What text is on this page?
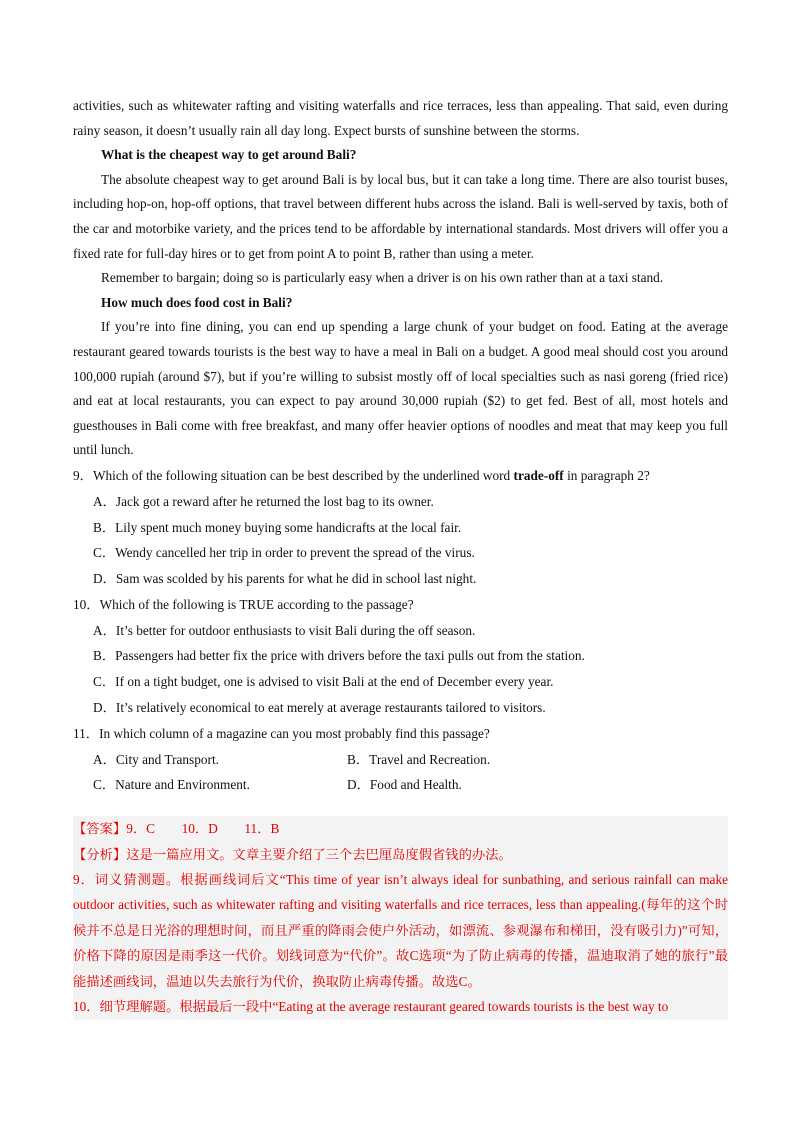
activities, such as whitewater rafting and visiting waterfalls and rice terraces, less than appealing. That said, even during rainy season, it doesn’t usually rain all day long. Expect bursts of sunshine between the storms.

What is the cheapest way to get around Bali?

The absolute cheapest way to get around Bali is by local bus, but it can take a long time. There are also tourist buses, including hop-on, hop-off options, that travel between different hubs across the island. Bali is well-served by taxis, both of the car and motorbike variety, and the prices tend to be affordable by international standards. Most drivers will offer you a fixed rate for full-day hires or to get from point A to point B, rather than using a meter.

Remember to bargain; doing so is particularly easy when a driver is on his own rather than at a taxi stand.

How much does food cost in Bali?

If you’re into fine dining, you can end up spending a large chunk of your budget on food. Eating at the average restaurant geared towards tourists is the best way to have a meal in Bali on a budget. A good meal should cost you around 100,000 rupiah (around $7), but if you’re willing to subsist mostly off of local specialties such as nasi goreng (fried rice) and eat at local restaurants, you can expect to pay around 30,000 rupiah ($2) to get fed. Best of all, most hotels and guesthouses in Bali come with free breakfast, and many offer heavier options of noodles and meat that may keep you full until lunch.

9．Which of the following situation can be best described by the underlined word trade-off in paragraph 2?

A．Jack got a reward after he returned the lost bag to its owner.

B．Lily spent much money buying some handicrafts at the local fair.

C．Wendy cancelled her trip in order to prevent the spread of the virus.

D．Sam was scolded by his parents for what he did in school last night.

10．Which of the following is TRUE according to the passage?

A．It’s better for outdoor enthusiasts to visit Bali during the off season.

B．Passengers had better fix the price with drivers before the taxi pulls out from the station.

C．If on a tight budget, one is advised to visit Bali at the end of December every year.

D．It’s relatively economical to eat merely at average restaurants tailored to visitors.

11．In which column of a magazine can you most probably find this passage?

A．City and Transport.	B．Travel and Recreation.
C．Nature and Environment.	D．Food and Health.

【答案】9．C　　10．D　　11．B

【分析】这是一篇应用文。文章主要介绍了三个去巴厘岛度假省钱的办法。

9．词义猜测题。根据画线词后文“This time of year isn’t always ideal for sunbathing, and serious rainfall can make outdoor activities, such as whitewater rafting and visiting waterfalls and rice terraces, less than appealing.(每年的这个时候并不总是日光浴的理想时间，而且严重的降雨会使户外活动，如漂流、参观瀑布和梯田，没有吸引力)”可知，价格下降的原因是雨季这一代价。划线词意为“代价”。故C选项“为了防止病毒的传播，温迪取消了她的旅行”最能描述画线词，温迪以失去旅行为代价，换取防止病毒传播。故选C。

10．细节理解题。根据最后一段中“Eating at the average restaurant geared towards tourists is the best way to
